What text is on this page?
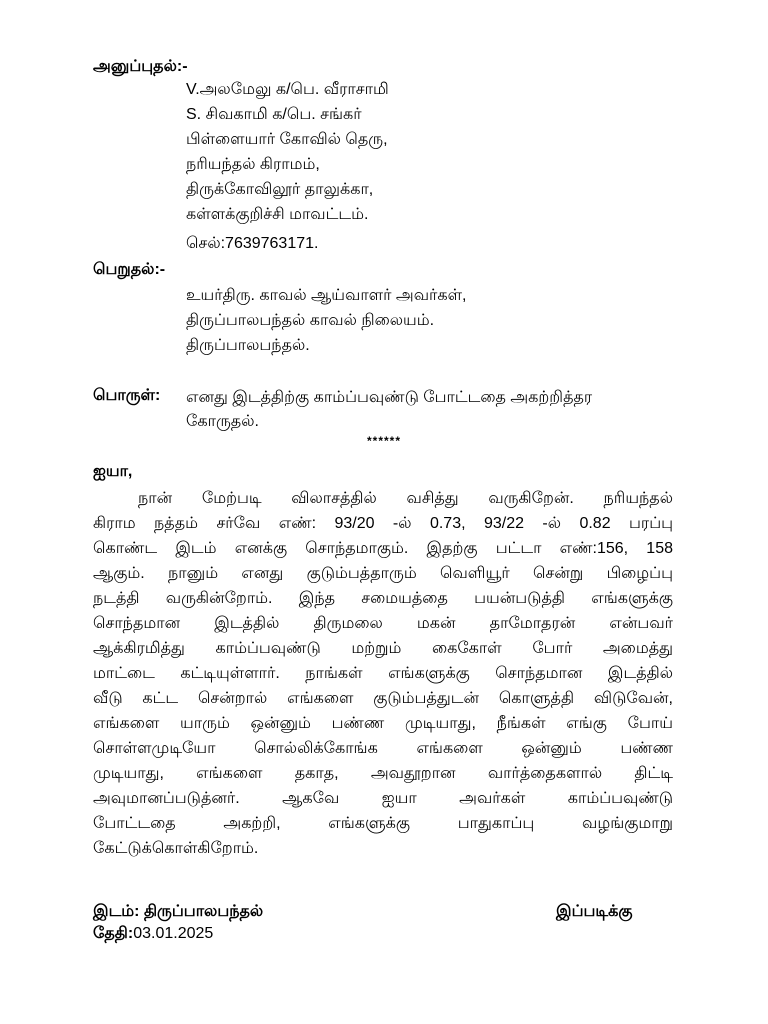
அனுப்புதல்:-
V.அலமேலு க/பெ. வீராசாமி
S. சிவகாமி க/பெ. சங்கர்
பிள்ளையார் கோவில் தெரு,
நரியந்தல் கிராமம்,
திருக்கோவிலூர் தாலுக்கா,
கள்ளக்குறிச்சி மாவட்டம்.
செல்:7639763171.
பெறுதல்:-
உயர்திரு. காவல் ஆய்வாளர் அவர்கள்,
திருப்பாலபந்தல் காவல் நிலையம்.
திருப்பாலபந்தல்.
பொருள்: எனது இடத்திற்கு காம்ப்பவுண்டு போட்டதை அகற்றித்தர
கோருதல்.
******
ஐயா,
நான் மேற்படி விலாசத்தில் வசித்து வருகிறேன். நரியந்தல்
கிராம நத்தம் சர்வே எண்: 93/20 -ல் 0.73, 93/22 -ல் 0.82 பரப்பு
கொண்ட இடம் எனக்கு சொந்தமாகும். இதற்கு பட்டா எண்:156, 158
ஆகும். நானும் எனது குடும்பத்தாரும் வெளியூர் சென்று பிழைப்பு
நடத்தி வருகின்றோம். இந்த சமையத்தை பயன்படுத்தி எங்களுக்கு
சொந்தமான இடத்தில் திருமலை மகன் தாமோதரன் என்பவர்
ஆக்கிரமித்து காம்ப்பவுண்டு மற்றும் கைகோள் போர் அமைத்து
மாட்டை கட்டியுள்ளார். நாங்கள் எங்களுக்கு சொந்தமான இடத்தில்
வீடு கட்ட சென்றால் எங்களை குடும்பத்துடன் கொளுத்தி விடுவேன்,
எங்களை யாரும் ஒன்னும் பண்ண முடியாது, நீங்கள் எங்கு போய்
சொள்ளமுடியோ சொல்லிக்கோங்க எங்களை ஒன்னும் பண்ண
முடியாது, எங்களை தகாத, அவதூறான வார்த்தைகளால் திட்டி
அவுமானப்படுத்னர். ஆகவே ஐயா அவர்கள் காம்ப்பவுண்டு
போட்டதை அகற்றி, எங்களுக்கு பாதுகாப்பு வழங்குமாறு
கேட்டுக்கொள்கிறோம்.
இடம்: திருப்பாலபந்தல்
தேதி:03.01.2025
இப்படிக்கு
